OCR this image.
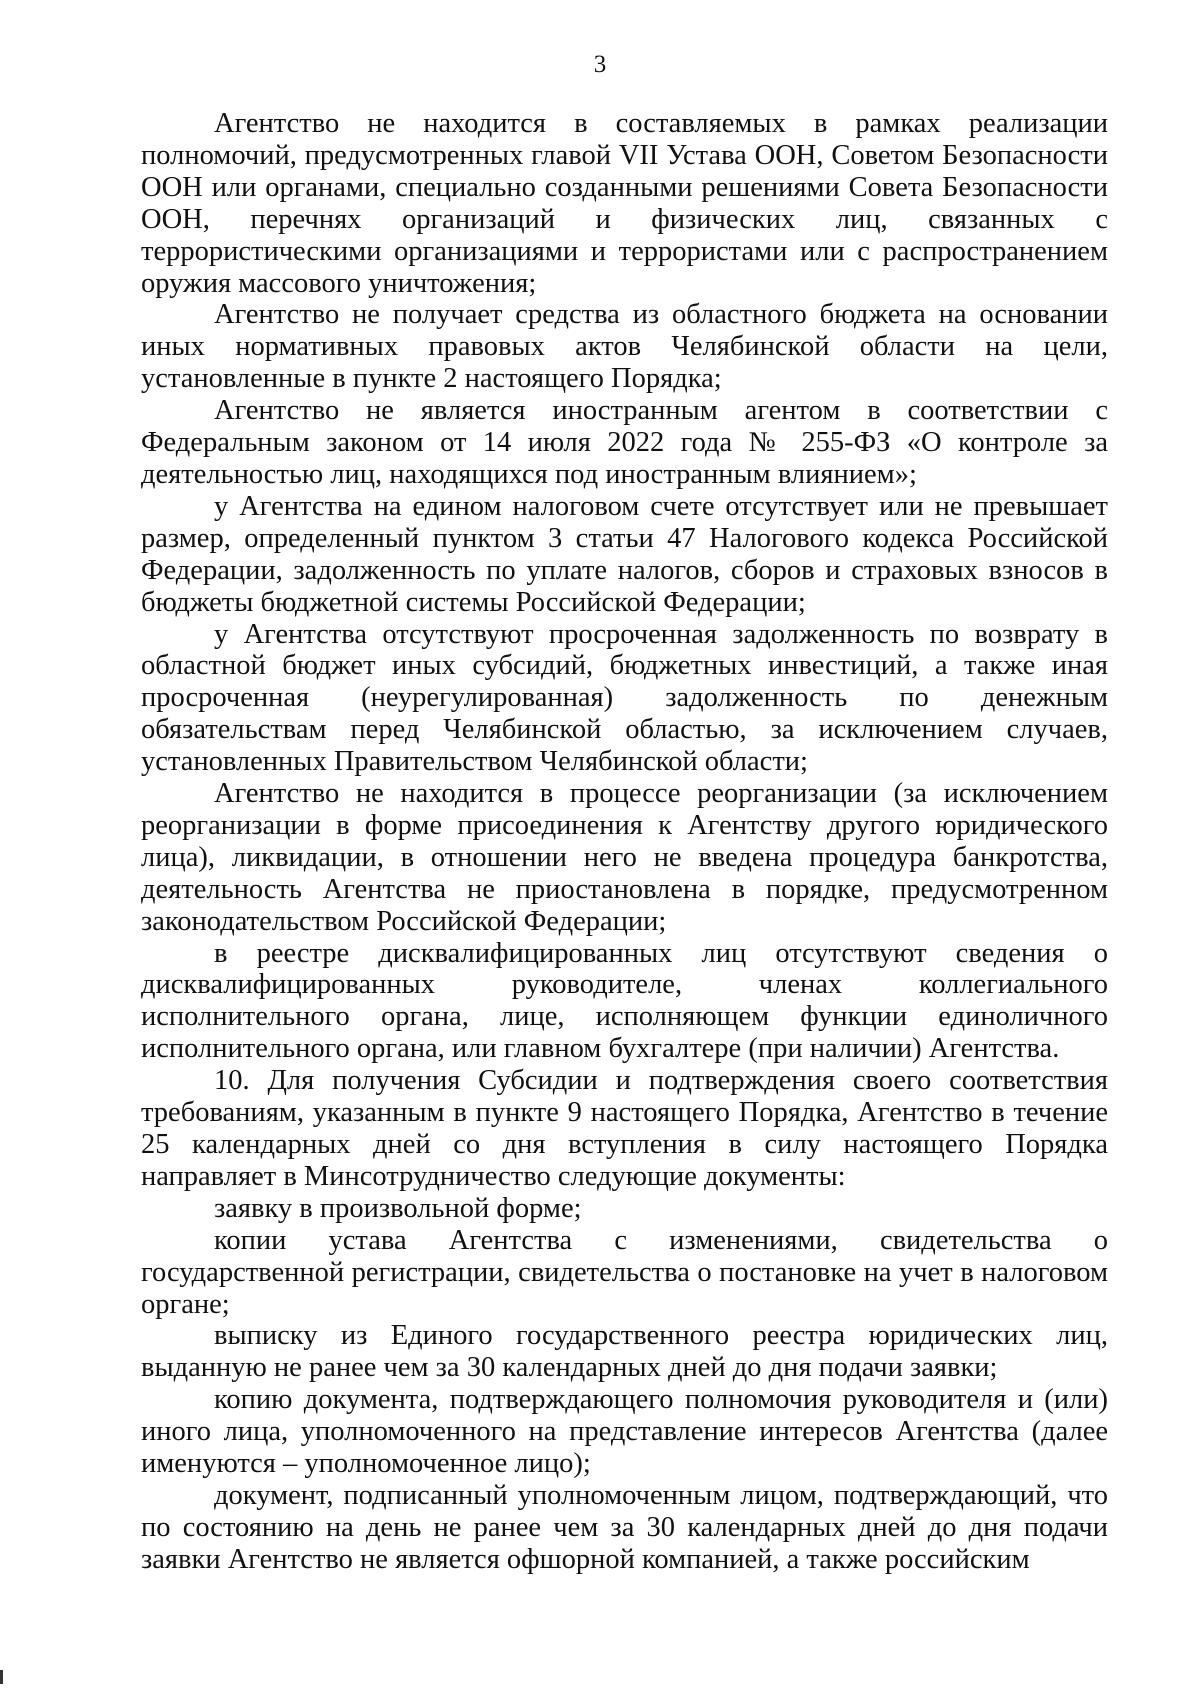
3

Агентство не находится в составляемых в рамках реализации полномочий, предусмотренных главой VII Устава ООН, Советом Безопасности ООН или органами, специально созданными решениями Совета Безопасности ООН, перечнях организаций и физических лиц, связанных с террористическими организациями и террористами или с распространением оружия массового уничтожения;

Агентство не получает средства из областного бюджета на основании иных нормативных правовых актов Челябинской области на цели, установленные в пункте 2 настоящего Порядка;

Агентство не является иностранным агентом в соответствии с Федеральным законом от 14 июля 2022 года № 255-ФЗ «О контроле за деятельностью лиц, находящихся под иностранным влиянием»;

у Агентства на едином налоговом счете отсутствует или не превышает размер, определенный пунктом 3 статьи 47 Налогового кодекса Российской Федерации, задолженность по уплате налогов, сборов и страховых взносов в бюджеты бюджетной системы Российской Федерации;

у Агентства отсутствуют просроченная задолженность по возврату в областной бюджет иных субсидий, бюджетных инвестиций, а также иная просроченная (неурегулированная) задолженность по денежным обязательствам перед Челябинской областью, за исключением случаев, установленных Правительством Челябинской области;

Агентство не находится в процессе реорганизации (за исключением реорганизации в форме присоединения к Агентству другого юридического лица), ликвидации, в отношении него не введена процедура банкротства, деятельность Агентства не приостановлена в порядке, предусмотренном законодательством Российской Федерации;

в реестре дисквалифицированных лиц отсутствуют сведения о дисквалифицированных руководителе, членах коллегиального исполнительного органа, лице, исполняющем функции единоличного исполнительного органа, или главном бухгалтере (при наличии) Агентства.

10. Для получения Субсидии и подтверждения своего соответствия требованиям, указанным в пункте 9 настоящего Порядка, Агентство в течение 25 календарных дней со дня вступления в силу настоящего Порядка направляет в Минсотрудничество следующие документы:

заявку в произвольной форме;

копии устава Агентства с изменениями, свидетельства о государственной регистрации, свидетельства о постановке на учет в налоговом органе;

выписку из Единого государственного реестра юридических лиц, выданную не ранее чем за 30 календарных дней до дня подачи заявки;

копию документа, подтверждающего полномочия руководителя и (или) иного лица, уполномоченного на представление интересов Агентства (далее именуются – уполномоченное лицо);

документ, подписанный уполномоченным лицом, подтверждающий, что по состоянию на день не ранее чем за 30 календарных дней до дня подачи заявки Агентство не является офшорной компанией, а также российским
